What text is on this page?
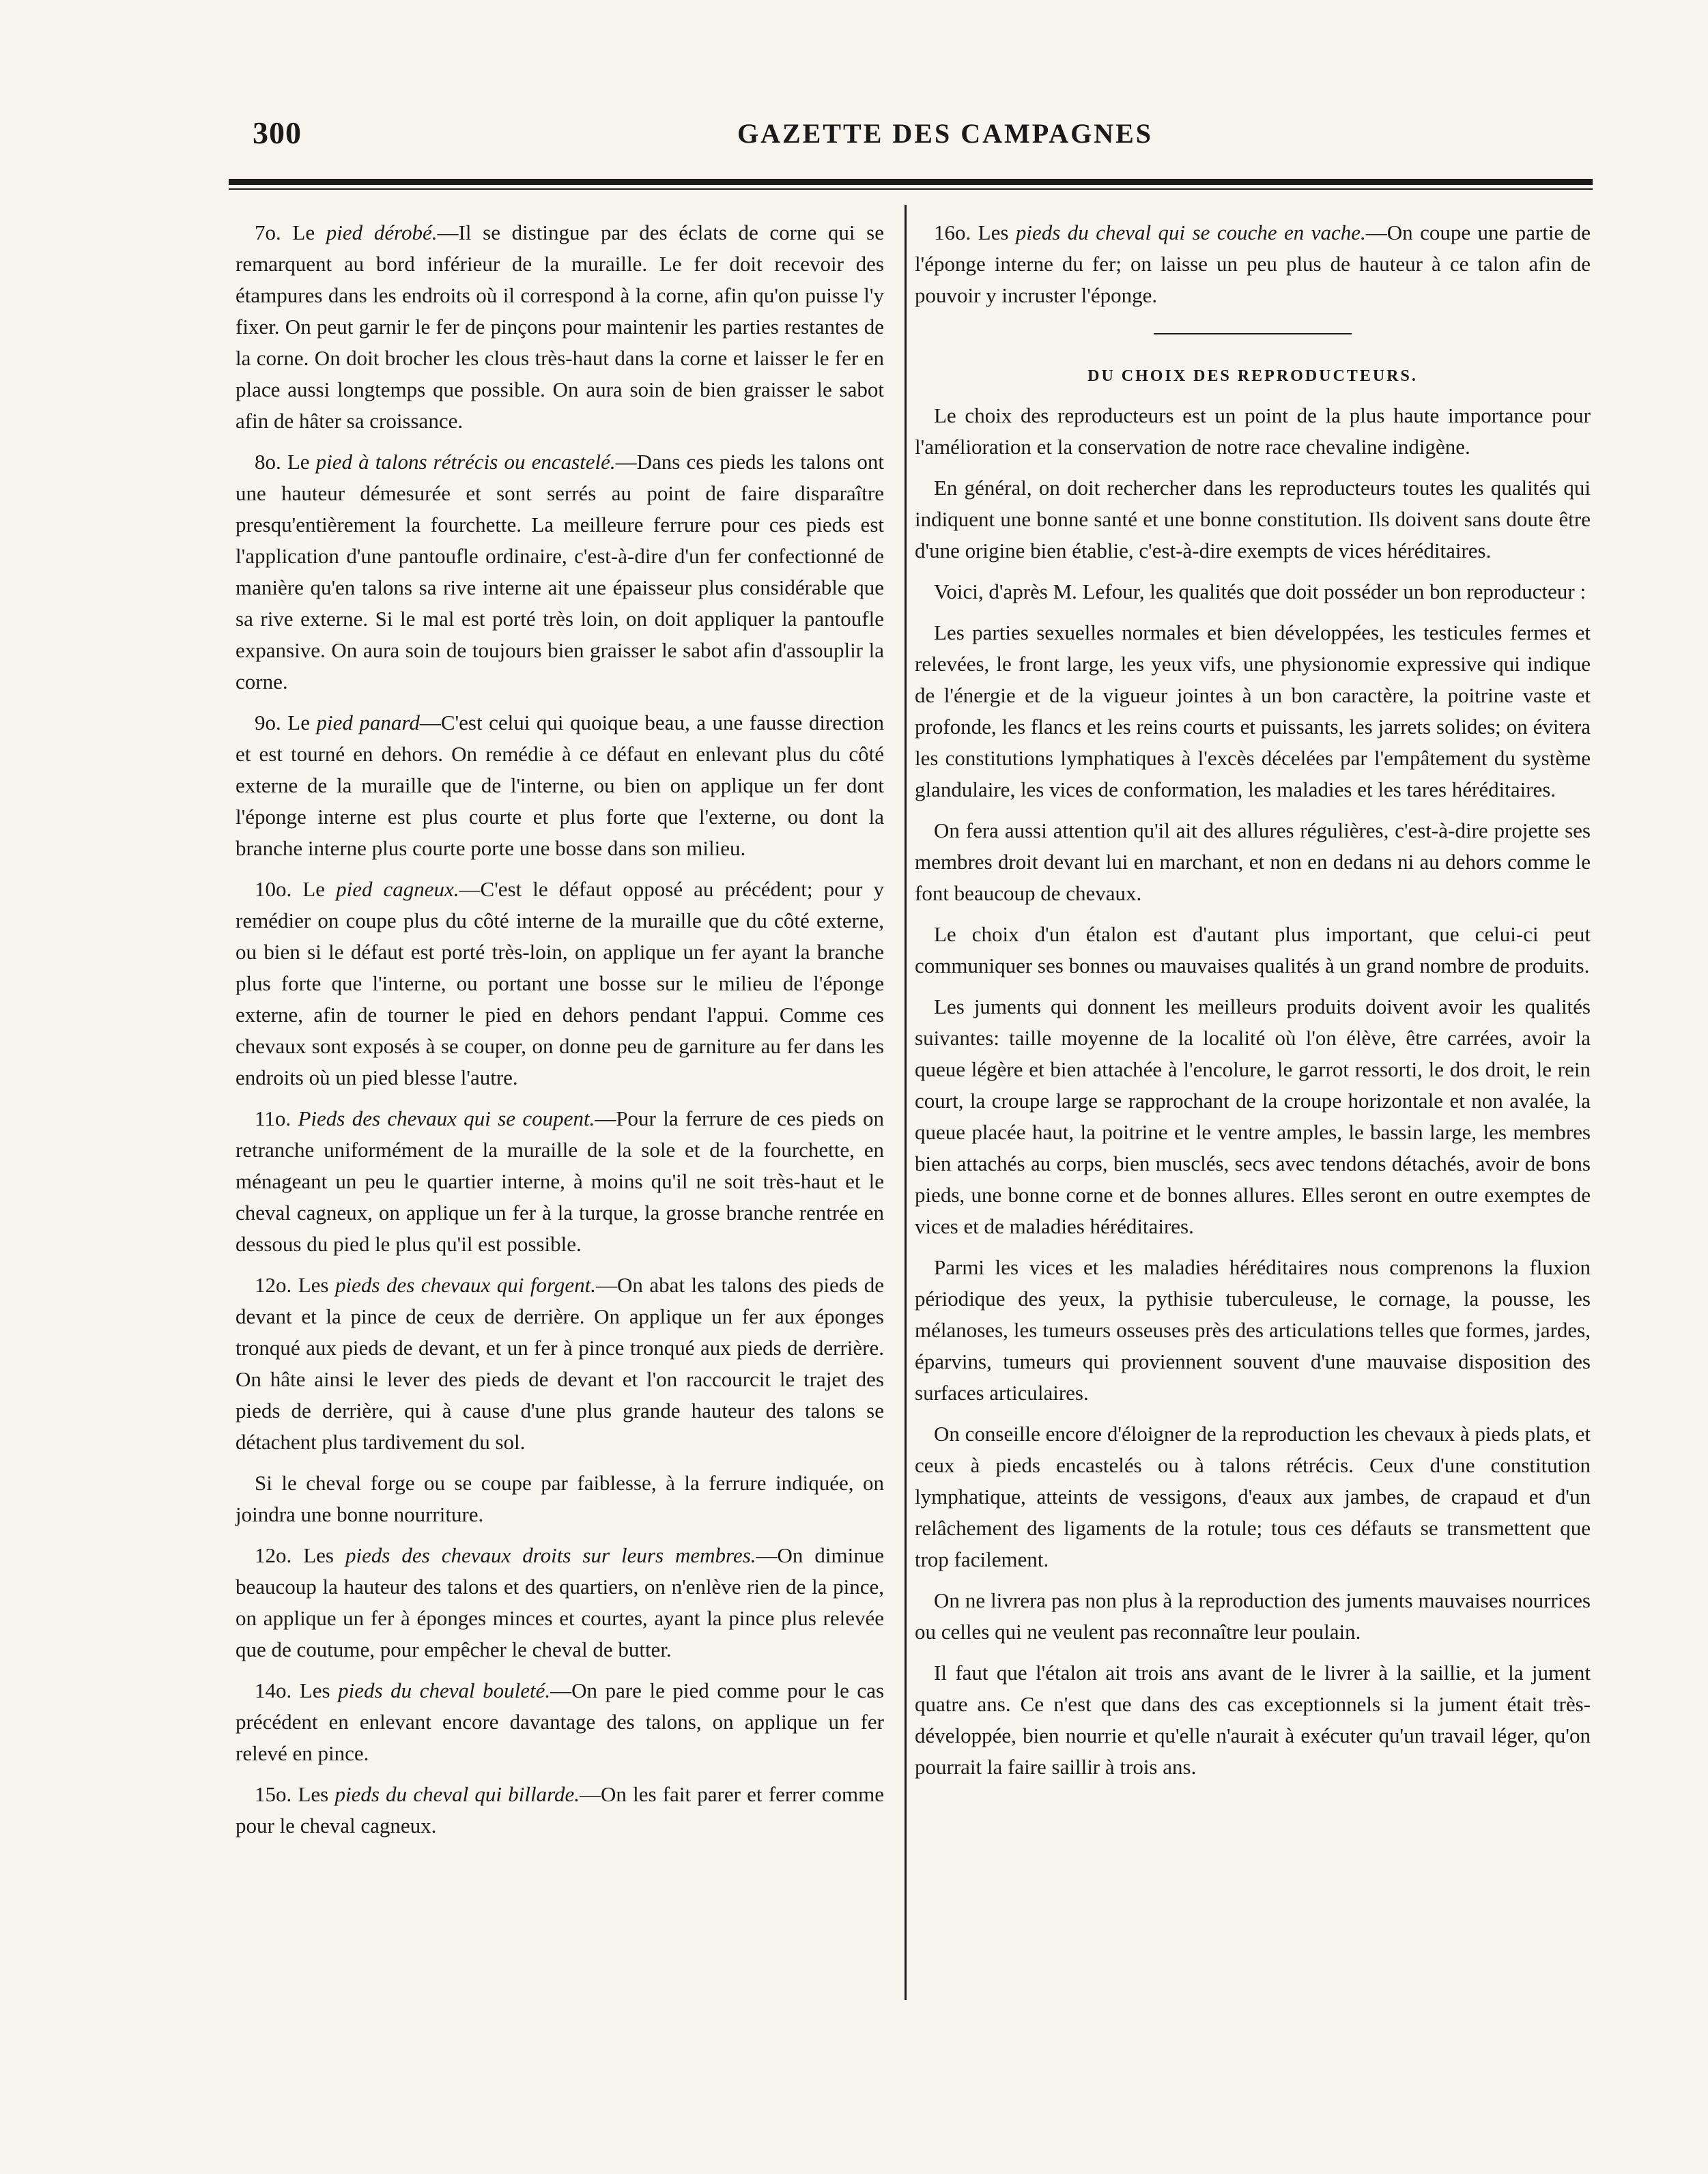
300	GAZETTE DES CAMPAGNES

7o. Le pied dérobé.—Il se distingue par des éclats de corne qui se remarquent au bord inférieur de la muraille. Le fer doit recevoir des étampures dans les endroits où il correspond à la corne, afin qu'on puisse l'y fixer. On peut garnir le fer de pinçons pour maintenir les parties restantes de la corne. On doit brocher les clous très-haut dans la corne et laisser le fer en place aussi longtemps que possible. On aura soin de bien graisser le sabot afin de hâter sa croissance.

8o. Le pied à talons rétrécis ou encastelé.—Dans ces pieds les talons ont une hauteur démesurée et sont serrés au point de faire disparaître presqu'entièrement la fourchette. La meilleure ferrure pour ces pieds est l'application d'une pantoufle ordinaire, c'est-à-dire d'un fer confectionné de manière qu'en talons sa rive interne ait une épaisseur plus considérable que sa rive externe. Si le mal est porté très loin, on doit appliquer la pantoufle expansive. On aura soin de toujours bien graisser le sabot afin d'assouplir la corne.

9o. Le pied panard—C'est celui qui quoique beau, a une fausse direction et est tourné en dehors. On remédie à ce défaut en enlevant plus du côté externe de la muraille que de l'interne, ou bien on applique un fer dont l'éponge interne est plus courte et plus forte que l'externe, ou dont la branche interne plus courte porte une bosse dans son milieu.

10o. Le pied cagneux.—C'est le défaut opposé au précédent; pour y remédier on coupe plus du côté interne de la muraille que du côté externe, ou bien si le défaut est porté très-loin, on applique un fer ayant la branche plus forte que l'interne, ou portant une bosse sur le milieu de l'éponge externe, afin de tourner le pied en dehors pendant l'appui. Comme ces chevaux sont exposés à se couper, on donne peu de garniture au fer dans les endroits où un pied blesse l'autre.

11o. Pieds des chevaux qui se coupent.—Pour la ferrure de ces pieds on retranche uniformément de la muraille de la sole et de la fourchette, en ménageant un peu le quartier interne, à moins qu'il ne soit très-haut et le cheval cagneux, on applique un fer à la turque, la grosse branche rentrée en dessous du pied le plus qu'il est possible.

12o. Les pieds des chevaux qui forgent.—On abat les talons des pieds de devant et la pince de ceux de derrière. On applique un fer aux éponges tronqué aux pieds de devant, et un fer à pince tronqué aux pieds de derrière. On hâte ainsi le lever des pieds de devant et l'on raccourcit le trajet des pieds de derrière, qui à cause d'une plus grande hauteur des talons se détachent plus tardivement du sol.

Si le cheval forge ou se coupe par faiblesse, à la ferrure indiquée, on joindra une bonne nourriture.

12o. Les pieds des chevaux droits sur leurs membres.—On diminue beaucoup la hauteur des talons et des quartiers, on n'enlève rien de la pince, on applique un fer à éponges minces et courtes, ayant la pince plus relevée que de coutume, pour empêcher le cheval de butter.

14o. Les pieds du cheval bouleté.—On pare le pied comme pour le cas précédent en enlevant encore davantage des talons, on applique un fer relevé en pince.

15o. Les pieds du cheval qui billarde.—On les fait parer et ferrer comme pour le cheval cagneux.

16o. Les pieds du cheval qui se couche en vache.—On coupe une partie de l'éponge interne du fer; on laisse un peu plus de hauteur à ce talon afin de pouvoir y incruster l'éponge.

DU CHOIX DES REPRODUCTEURS.

Le choix des reproducteurs est un point de la plus haute importance pour l'amélioration et la conservation de notre race chevaline indigène.

En général, on doit rechercher dans les reproducteurs toutes les qualités qui indiquent une bonne santé et une bonne constitution. Ils doivent sans doute être d'une origine bien établie, c'est-à-dire exempts de vices héréditaires.

Voici, d'après M. Lefour, les qualités que doit posséder un bon reproducteur :

Les parties sexuelles normales et bien développées, les testicules fermes et relevées, le front large, les yeux vifs, une physionomie expressive qui indique de l'énergie et de la vigueur jointes à un bon caractère, la poitrine vaste et profonde, les flancs et les reins courts et puissants, les jarrets solides; on évitera les constitutions lymphatiques à l'excès décelées par l'empâtement du système glandulaire, les vices de conformation, les maladies et les tares héréditaires.

On fera aussi attention qu'il ait des allures régulières, c'est-à-dire projette ses membres droit devant lui en marchant, et non en dedans ni au dehors comme le font beaucoup de chevaux.

Le choix d'un étalon est d'autant plus important, que celui-ci peut communiquer ses bonnes ou mauvaises qualités à un grand nombre de produits.

Les juments qui donnent les meilleurs produits doivent avoir les qualités suivantes: taille moyenne de la localité où l'on élève, être carrées, avoir la queue légère et bien attachée à l'encolure, le garrot ressorti, le dos droit, le rein court, la croupe large se rapprochant de la croupe horizontale et non avalée, la queue placée haut, la poitrine et le ventre amples, le bassin large, les membres bien attachés au corps, bien musclés, secs avec tendons détachés, avoir de bons pieds, une bonne corne et de bonnes allures. Elles seront en outre exemptes de vices et de maladies héréditaires.

Parmi les vices et les maladies héréditaires nous comprenons la fluxion périodique des yeux, la pythisie tuberculeuse, le cornage, la pousse, les mélanoses, les tumeurs osseuses près des articulations telles que formes, jardes, éparvins, tumeurs qui proviennent souvent d'une mauvaise disposition des surfaces articulaires.

On conseille encore d'éloigner de la reproduction les chevaux à pieds plats, et ceux à pieds encastelés ou à talons rétrécis. Ceux d'une constitution lymphatique, atteints de vessigons, d'eaux aux jambes, de crapaud et d'un relâchement des ligaments de la rotule; tous ces défauts se transmettent que trop facilement.

On ne livrera pas non plus à la reproduction des juments mauvaises nourrices ou celles qui ne veulent pas reconnaître leur poulain.

Il faut que l'étalon ait trois ans avant de le livrer à la saillie, et la jument quatre ans. Ce n'est que dans des cas exceptionnels si la jument était très-développée, bien nourrie et qu'elle n'aurait à exécuter qu'un travail léger, qu'on pourrait la faire saillir à trois ans.
